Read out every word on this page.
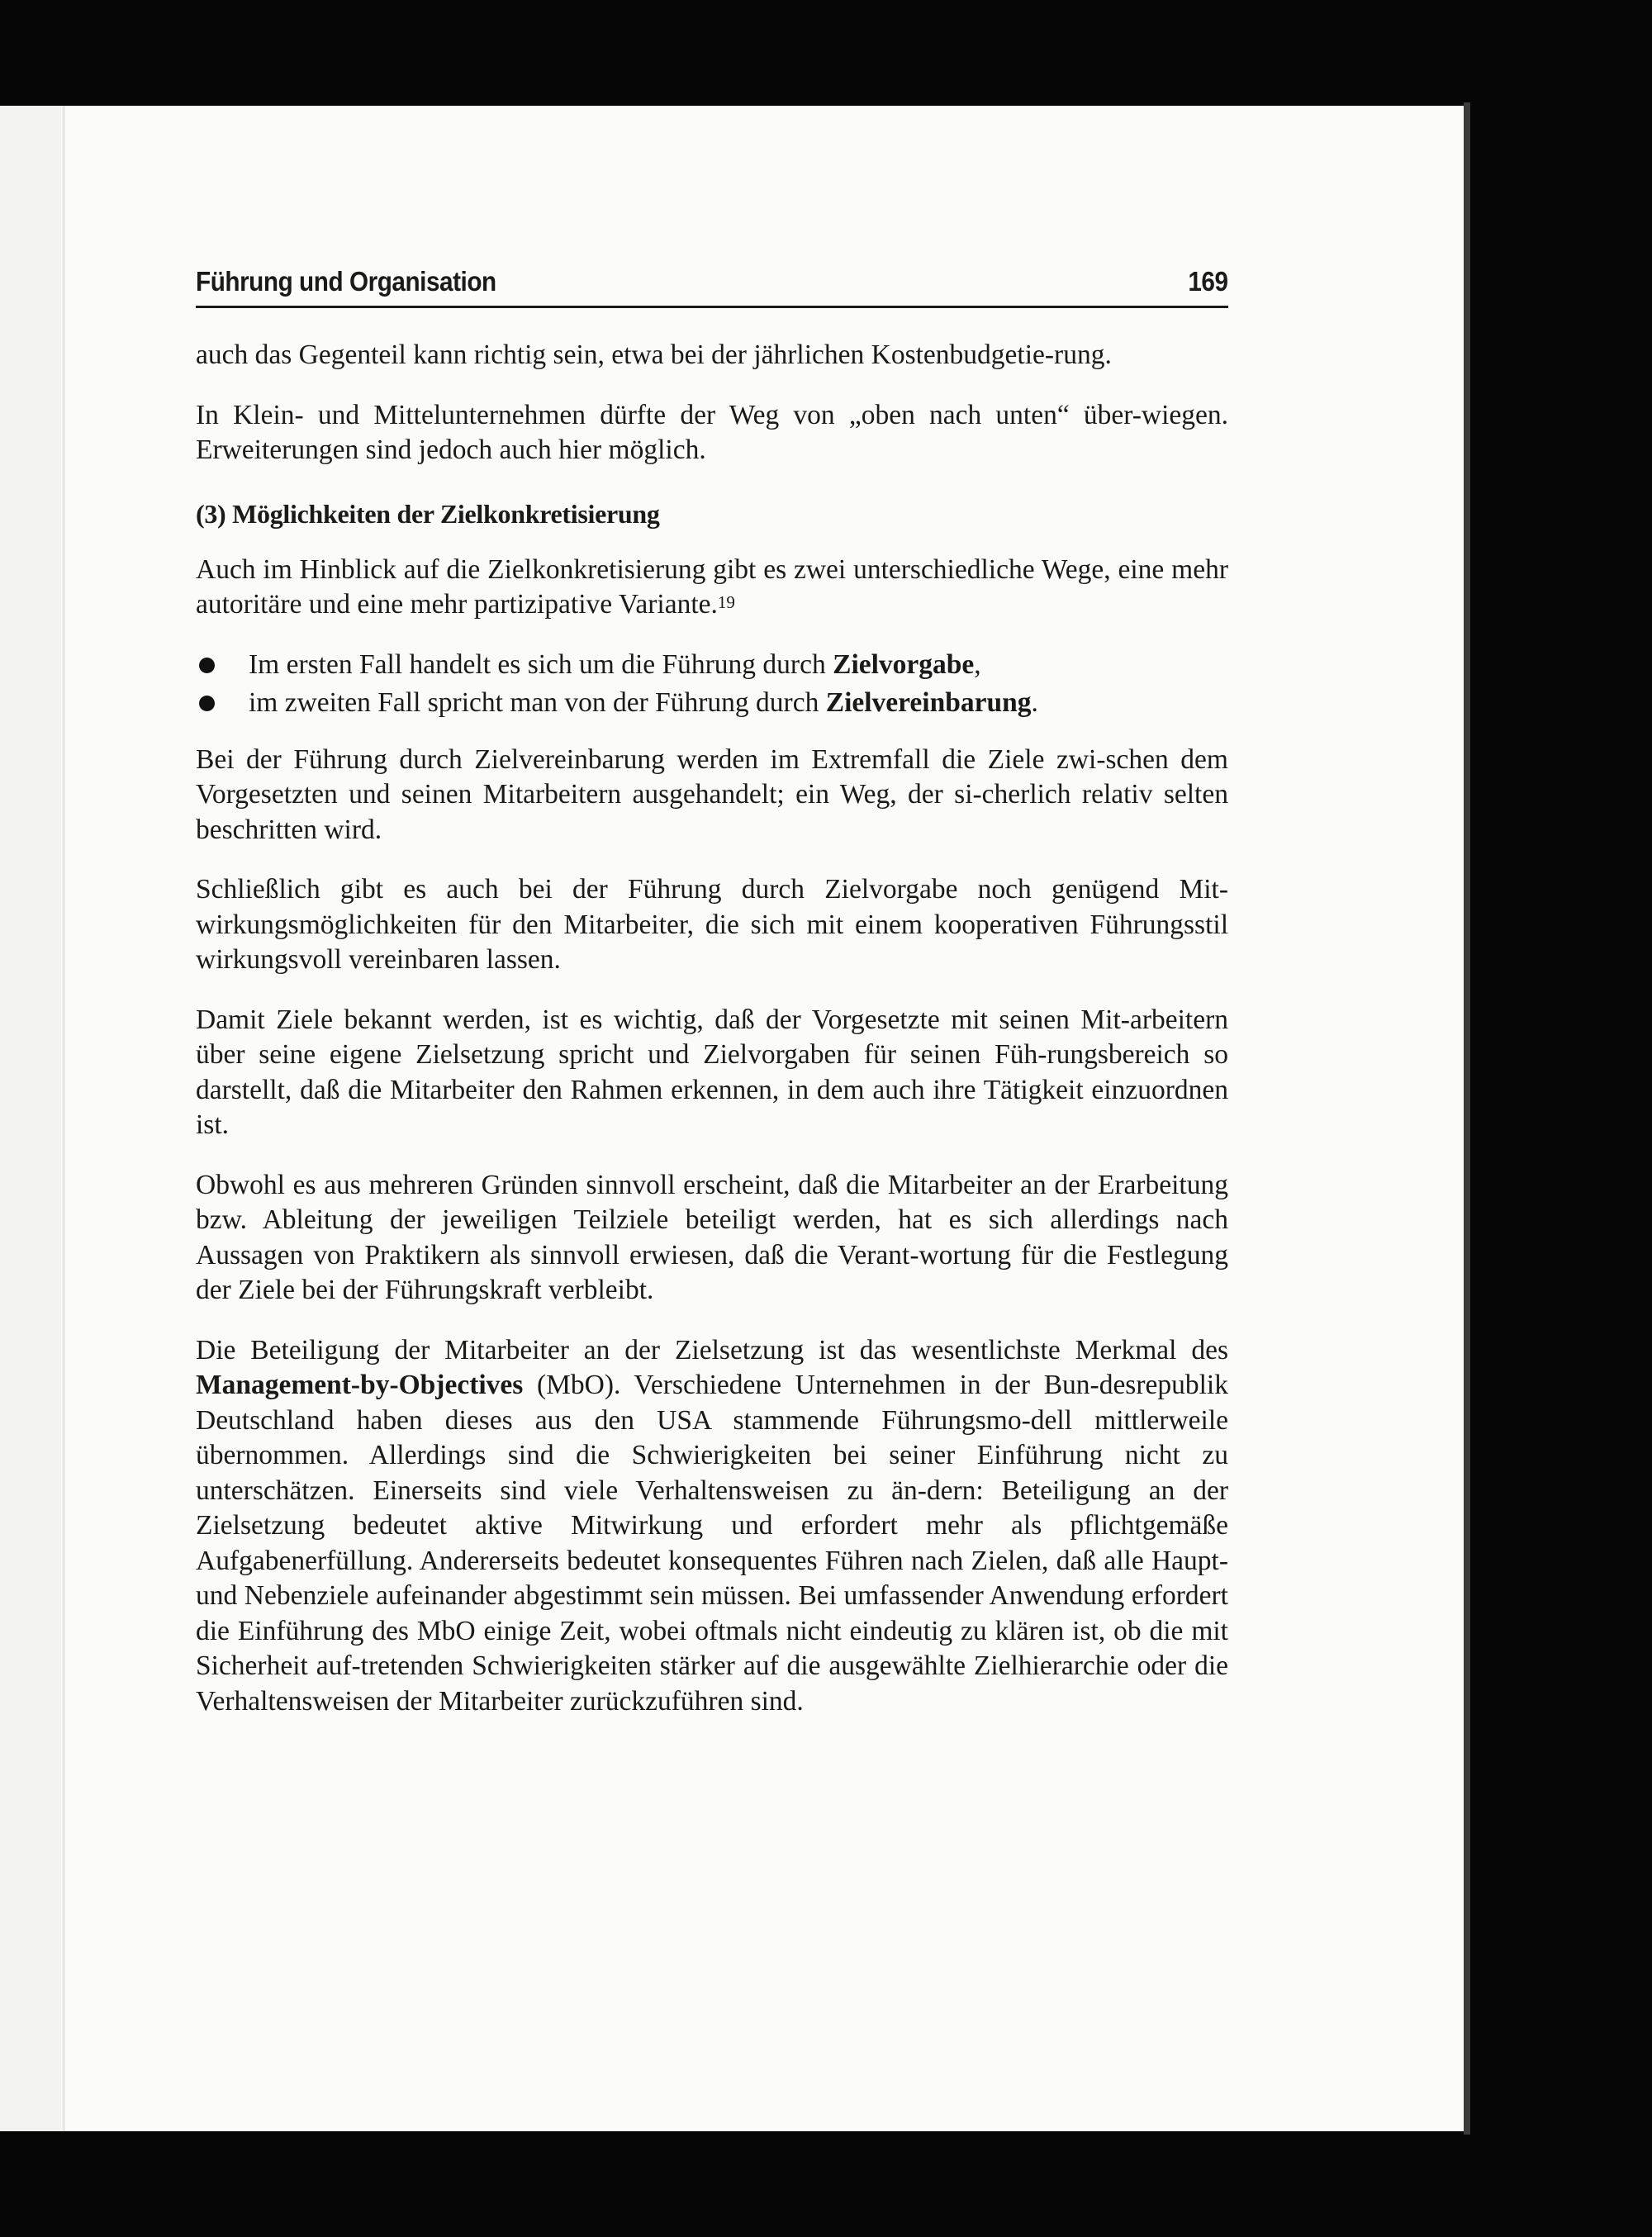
Führung und Organisation	169

auch das Gegenteil kann richtig sein, etwa bei der jährlichen Kostenbudgetie-rung.

In Klein- und Mittelunternehmen dürfte der Weg von „oben nach unten“ über-wiegen. Erweiterungen sind jedoch auch hier möglich.

(3) Möglichkeiten der Zielkonkretisierung

Auch im Hinblick auf die Zielkonkretisierung gibt es zwei unterschiedliche Wege, eine mehr autoritäre und eine mehr partizipative Variante.$^{19}$

Im ersten Fall handelt es sich um die Führung durch Zielvorgabe,
im zweiten Fall spricht man von der Führung durch Zielvereinbarung.

Bei der Führung durch Zielvereinbarung werden im Extremfall die Ziele zwi-schen dem Vorgesetzten und seinen Mitarbeitern ausgehandelt; ein Weg, der si-cherlich relativ selten beschritten wird.

Schließlich gibt es auch bei der Führung durch Zielvorgabe noch genügend Mit-wirkungsmöglichkeiten für den Mitarbeiter, die sich mit einem kooperativen Führungsstil wirkungsvoll vereinbaren lassen.

Damit Ziele bekannt werden, ist es wichtig, daß der Vorgesetzte mit seinen Mit-arbeitern über seine eigene Zielsetzung spricht und Zielvorgaben für seinen Füh-rungsbereich so darstellt, daß die Mitarbeiter den Rahmen erkennen, in dem auch ihre Tätigkeit einzuordnen ist.

Obwohl es aus mehreren Gründen sinnvoll erscheint, daß die Mitarbeiter an der Erarbeitung bzw. Ableitung der jeweiligen Teilziele beteiligt werden, hat es sich allerdings nach Aussagen von Praktikern als sinnvoll erwiesen, daß die Verant-wortung für die Festlegung der Ziele bei der Führungskraft verbleibt.

Die Beteiligung der Mitarbeiter an der Zielsetzung ist das wesentlichste Merkmal des Management-by-Objectives (MbO). Verschiedene Unternehmen in der Bun-desrepublik Deutschland haben dieses aus den USA stammende Führungsmo-dell mittlerweile übernommen. Allerdings sind die Schwierigkeiten bei seiner Einführung nicht zu unterschätzen. Einerseits sind viele Verhaltensweisen zu än-dern: Beteiligung an der Zielsetzung bedeutet aktive Mitwirkung und erfordert mehr als pflichtgemäße Aufgabenerfüllung. Andererseits bedeutet konsequentes Führen nach Zielen, daß alle Haupt- und Nebenziele aufeinander abgestimmt sein müssen. Bei umfassender Anwendung erfordert die Einführung des MbO einige Zeit, wobei oftmals nicht eindeutig zu klären ist, ob die mit Sicherheit auf-tretenden Schwierigkeiten stärker auf die ausgewählte Zielhierarchie oder die Verhaltensweisen der Mitarbeiter zurückzuführen sind.
